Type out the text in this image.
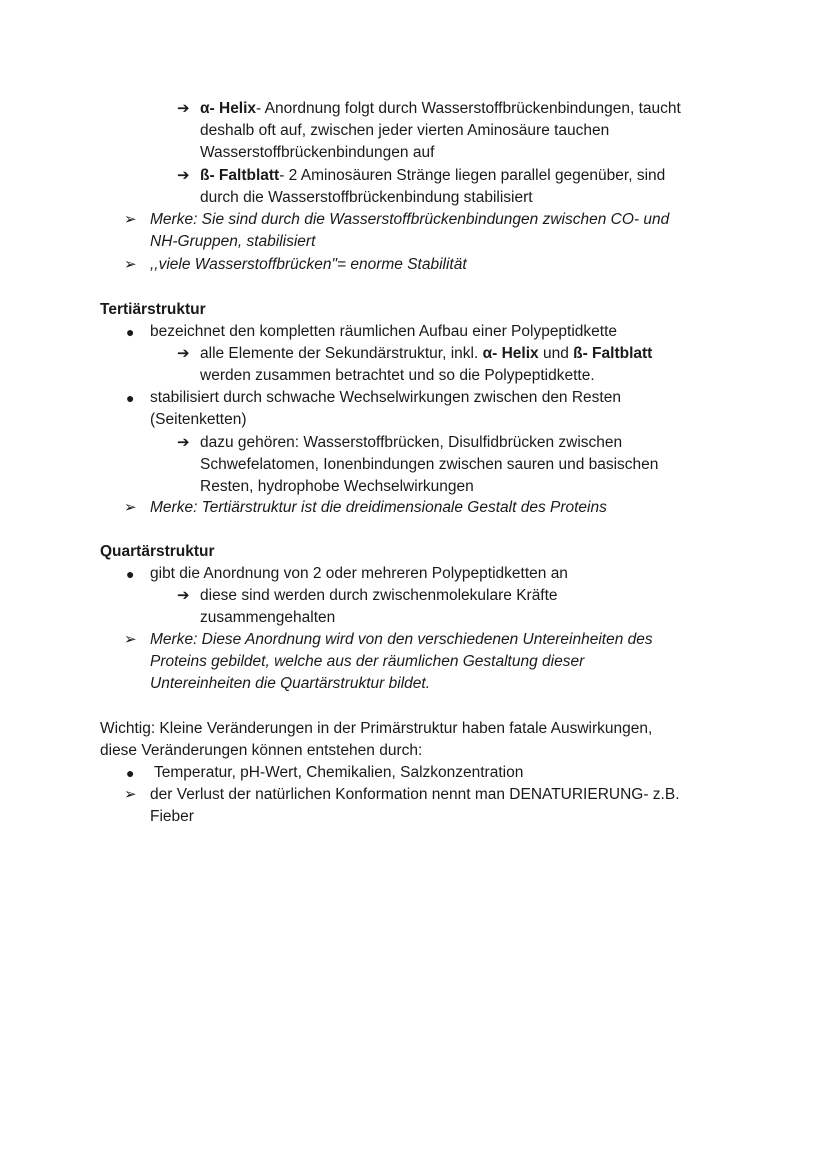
➔ α- Helix- Anordnung folgt durch Wasserstoffbrückenbindungen, taucht
deshalb oft auf, zwischen jeder vierten Aminosäure tauchen
Wasserstoffbrückenbindungen auf
➔ ß- Faltblatt- 2 Aminosäuren Stränge liegen parallel gegenüber, sind
durch die Wasserstoffbrückenbindung stabilisiert
➢ Merke: Sie sind durch die Wasserstoffbrückenbindungen zwischen CO- und
NH-Gruppen, stabilisiert
➢ ,,viele Wasserstoffbrücken"= enorme Stabilität
Tertiärstruktur
● bezeichnet den kompletten räumlichen Aufbau einer Polypeptidkette
➔ alle Elemente der Sekundärstruktur, inkl. α- Helix und ß- Faltblatt
werden zusammen betrachtet und so die Polypeptidkette.
● stabilisiert durch schwache Wechselwirkungen zwischen den Resten
(Seitenketten)
➔ dazu gehören: Wasserstoffbrücken, Disulfidbrücken zwischen
Schwefelatomen, Ionenbindungen zwischen sauren und basischen
Resten, hydrophobe Wechselwirkungen
➢ Merke: Tertiärstruktur ist die dreidimensionale Gestalt des Proteins
Quartärstruktur
● gibt die Anordnung von 2 oder mehreren Polypeptidketten an
➔ diese sind werden durch zwischenmolekulare Kräfte
zusammengehalten
➢ Merke: Diese Anordnung wird von den verschiedenen Untereinheiten des
Proteins gebildet, welche aus der räumlichen Gestaltung dieser
Untereinheiten die Quartärstruktur bildet.
Wichtig: Kleine Veränderungen in der Primärstruktur haben fatale Auswirkungen,
diese Veränderungen können entstehen durch:
● Temperatur, pH-Wert, Chemikalien, Salzkonzentration
➢ der Verlust der natürlichen Konformation nennt man DENATURIERUNG- z.B.
Fieber
